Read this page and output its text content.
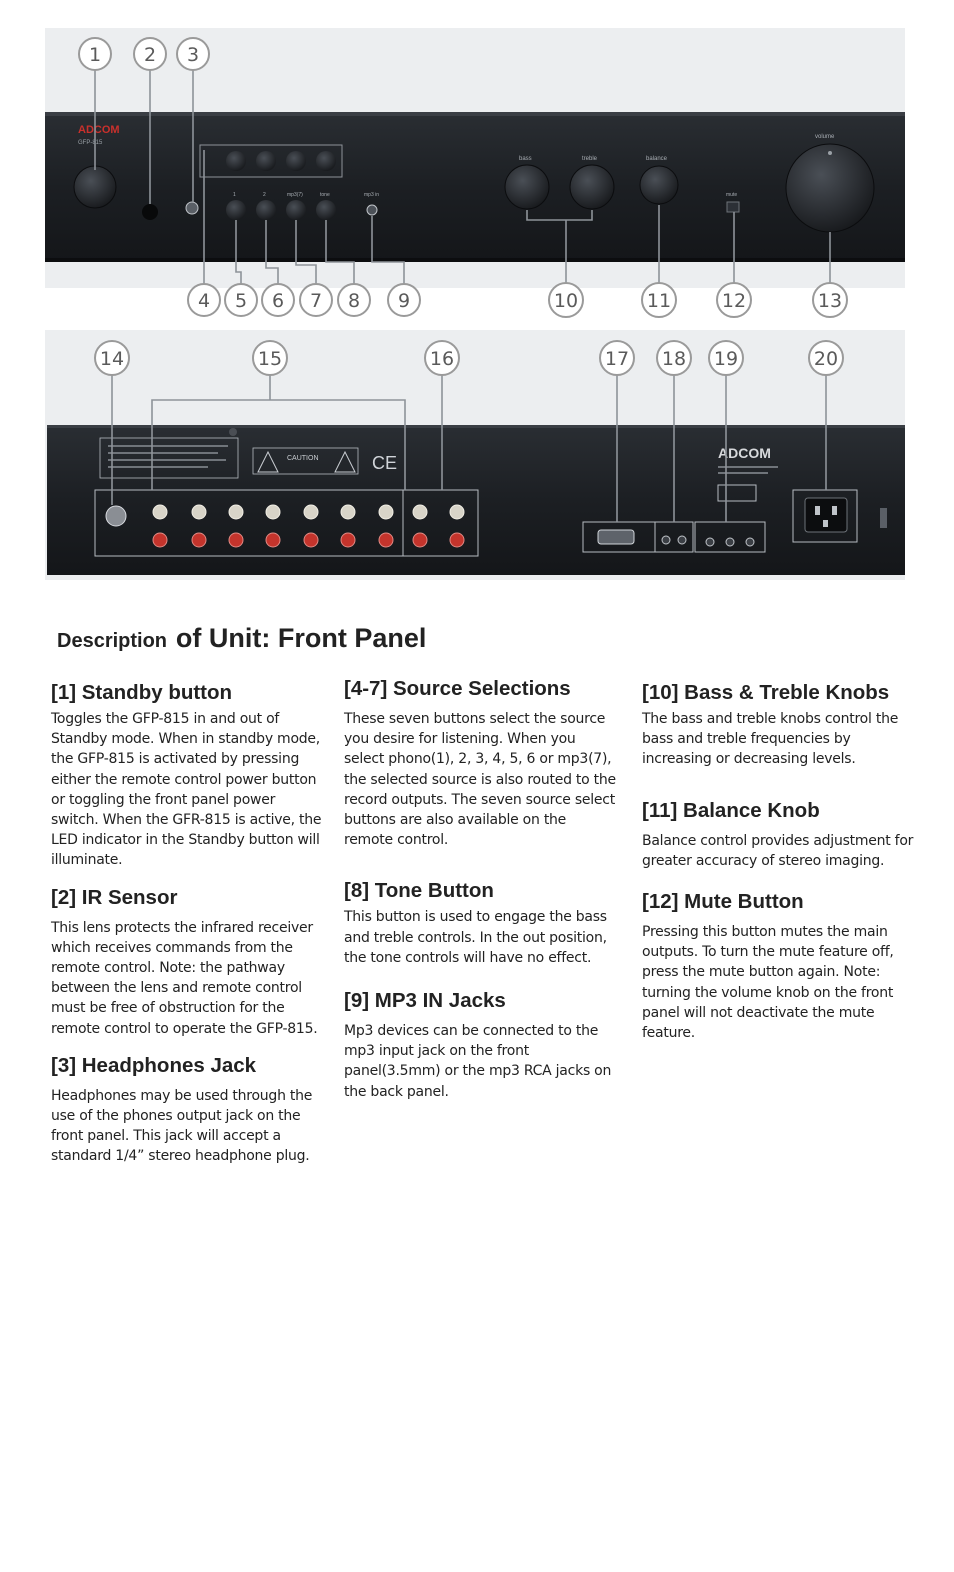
ADCOM
GFP-815
1	2	mp3(7)	tone	mp3 in
bass	treble	balance
mute
volume
CAUTION	CE	ADCOM
1 2 3
4 5 6 7 8 9	10	11	12	13
14	15	16	17 18 19	20
Description of Unit: Front Panel
[1] Standby button

Toggles the GFP-815 in and out of Standby mode. When in standby mode, the GFP-815 is activated by pressing either the remote control power button or toggling the front panel power switch. When the GFR-815 is active, the LED indicator in the Standby button will illuminate.

[2] IR Sensor

This lens protects the infrared receiver which receives commands from the remote control. Note: the pathway between the lens and remote control must be free of obstruction for the remote control to operate the GFP-815.

[3] Headphones Jack

Headphones may be used through the use of the phones output jack on the front panel. This jack will accept a standard 1/4” stereo headphone plug.

[4-7] Source Selections

These seven buttons select the source you desire for listening. When you select phono(1), 2, 3, 4, 5, 6 or mp3(7), the selected source is also routed to the record outputs. The seven source select buttons are also available on the remote control.

[8] Tone Button

This button is used to engage the bass and treble controls. In the out position, the tone controls will have no effect.

[9] MP3 IN Jacks

Mp3 devices can be connected to the mp3 input jack on the front panel(3.5mm) or the mp3 RCA jacks on the back panel.

[10] Bass & Treble Knobs

The bass and treble knobs control the bass and treble frequencies by increasing or decreasing levels.

[11] Balance Knob

Balance control provides adjustment for greater accuracy of stereo imaging.

[12] Mute Button

Pressing this button mutes the main outputs. To turn the mute feature off, press the mute button again. Note: turning the volume knob on the front panel will not deactivate the mute feature.
